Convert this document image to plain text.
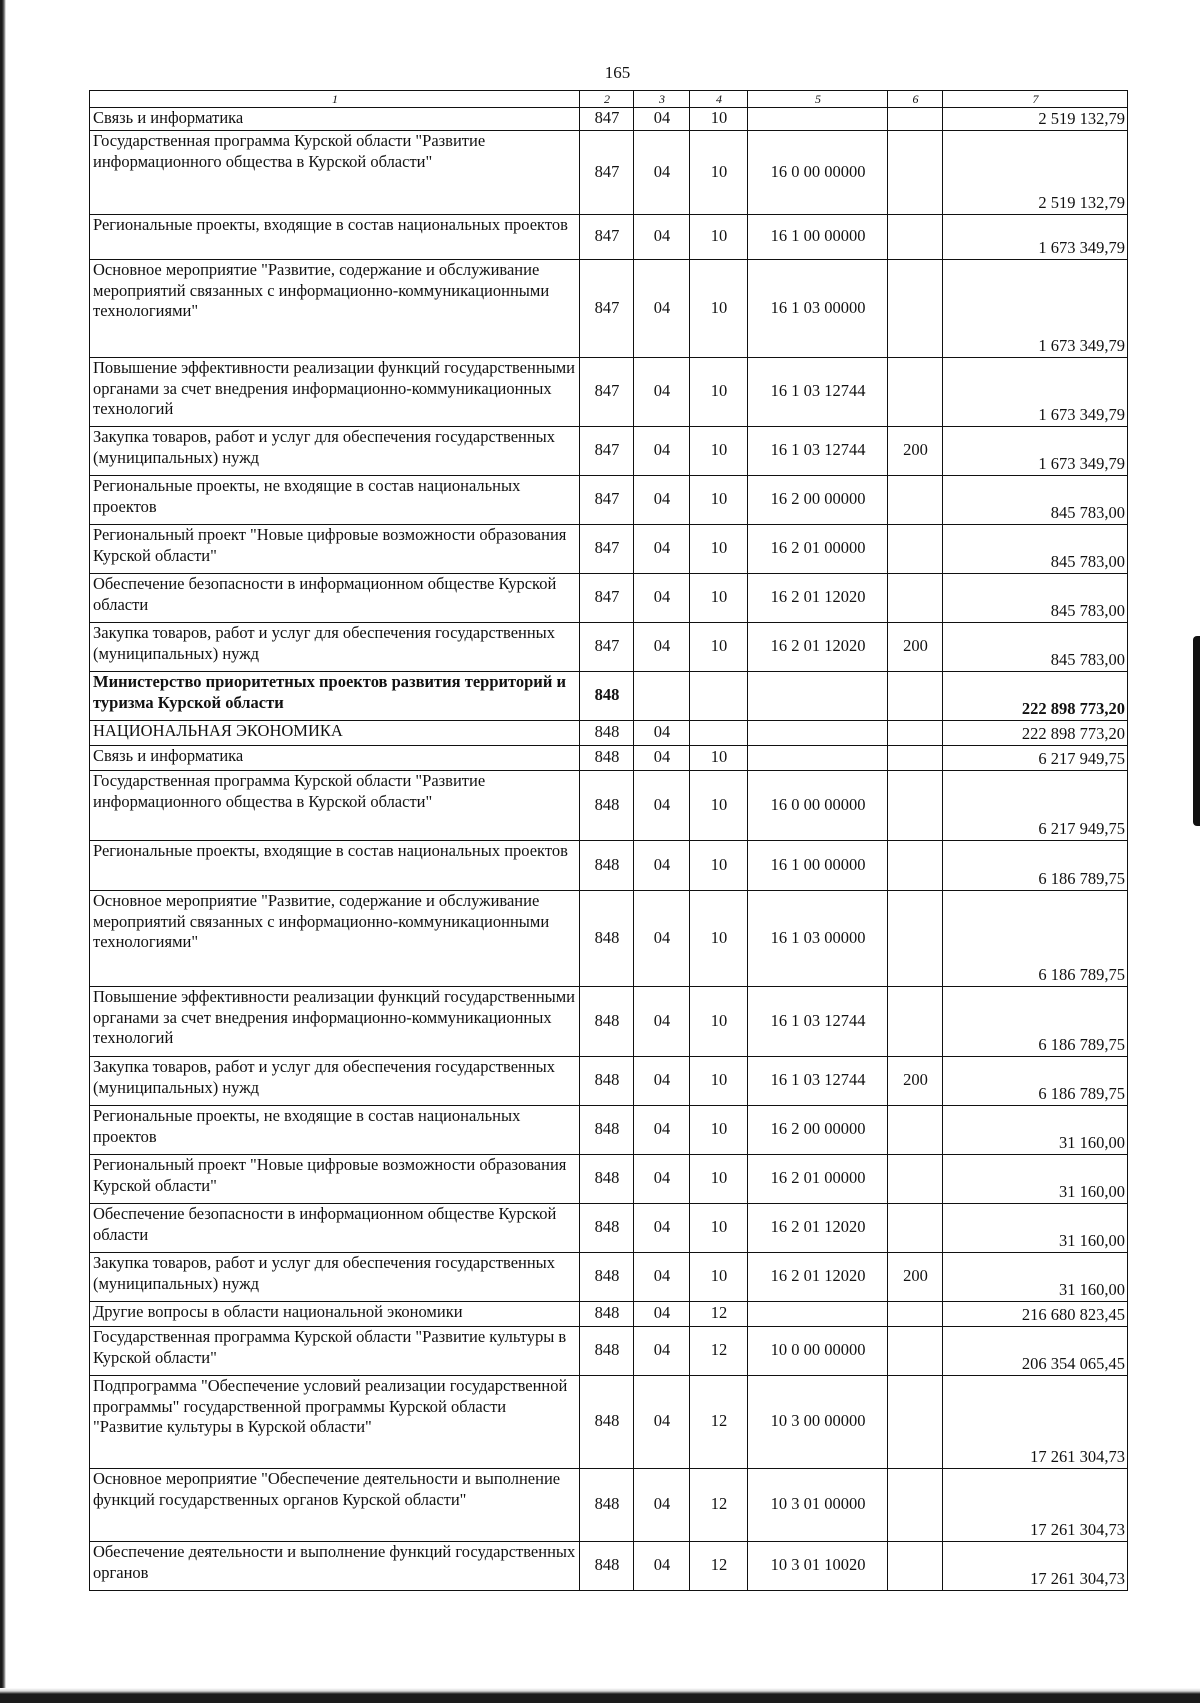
165
1	2	3	4	5	6	7
Связь и информатика	847	04	10			2 519 132,79
Государственная программа Курской области "Развитие информационного общества в Курской области"	847	04	10	16 0 00 00000		2 519 132,79
Региональные проекты, входящие в состав национальных проектов	847	04	10	16 1 00 00000		1 673 349,79
Основное мероприятие "Развитие, содержание и обслуживание мероприятий связанных с информационно-коммуникационными технологиями"	847	04	10	16 1 03 00000		1 673 349,79
Повышение эффективности реализации функций государственными органами за счет внедрения информационно-коммуникационных технологий	847	04	10	16 1 03 12744		1 673 349,79
Закупка товаров, работ и услуг для обеспечения государственных (муниципальных) нужд	847	04	10	16 1 03 12744	200	1 673 349,79
Региональные проекты, не входящие в состав национальных проектов	847	04	10	16 2 00 00000		845 783,00
Региональный проект "Новые цифровые возможности образования Курской области"	847	04	10	16 2 01 00000		845 783,00
Обеспечение безопасности в информационном обществе Курской области	847	04	10	16 2 01 12020		845 783,00
Закупка товаров, работ и услуг для обеспечения государственных (муниципальных) нужд	847	04	10	16 2 01 12020	200	845 783,00
Министерство приоритетных проектов развития территорий и туризма Курской области	848					222 898 773,20
НАЦИОНАЛЬНАЯ ЭКОНОМИКА	848	04				222 898 773,20
Связь и информатика	848	04	10			6 217 949,75
Государственная программа Курской области "Развитие информационного общества в Курской области"	848	04	10	16 0 00 00000		6 217 949,75
Региональные проекты, входящие в состав национальных проектов	848	04	10	16 1 00 00000		6 186 789,75
Основное мероприятие "Развитие, содержание и обслуживание мероприятий связанных с информационно-коммуникационными технологиями"	848	04	10	16 1 03 00000		6 186 789,75
Повышение эффективности реализации функций государственными органами за счет внедрения информационно-коммуникационных технологий	848	04	10	16 1 03 12744		6 186 789,75
Закупка товаров, работ и услуг для обеспечения государственных (муниципальных) нужд	848	04	10	16 1 03 12744	200	6 186 789,75
Региональные проекты, не входящие в состав национальных проектов	848	04	10	16 2 00 00000		31 160,00
Региональный проект "Новые цифровые возможности образования Курской области"	848	04	10	16 2 01 00000		31 160,00
Обеспечение безопасности в информационном обществе Курской области	848	04	10	16 2 01 12020		31 160,00
Закупка товаров, работ и услуг для обеспечения государственных (муниципальных) нужд	848	04	10	16 2 01 12020	200	31 160,00
Другие вопросы в области национальной экономики	848	04	12			216 680 823,45
Государственная программа Курской области "Развитие культуры в Курской области"	848	04	12	10 0 00 00000		206 354 065,45
Подпрограмма "Обеспечение условий реализации государственной программы" государственной программы Курской области "Развитие культуры в Курской области"	848	04	12	10 3 00 00000		17 261 304,73
Основное мероприятие "Обеспечение деятельности и выполнение функций государственных органов Курской области"	848	04	12	10 3 01 00000		17 261 304,73
Обеспечение деятельности и выполнение функций государственных органов	848	04	12	10 3 01 10020		17 261 304,73
